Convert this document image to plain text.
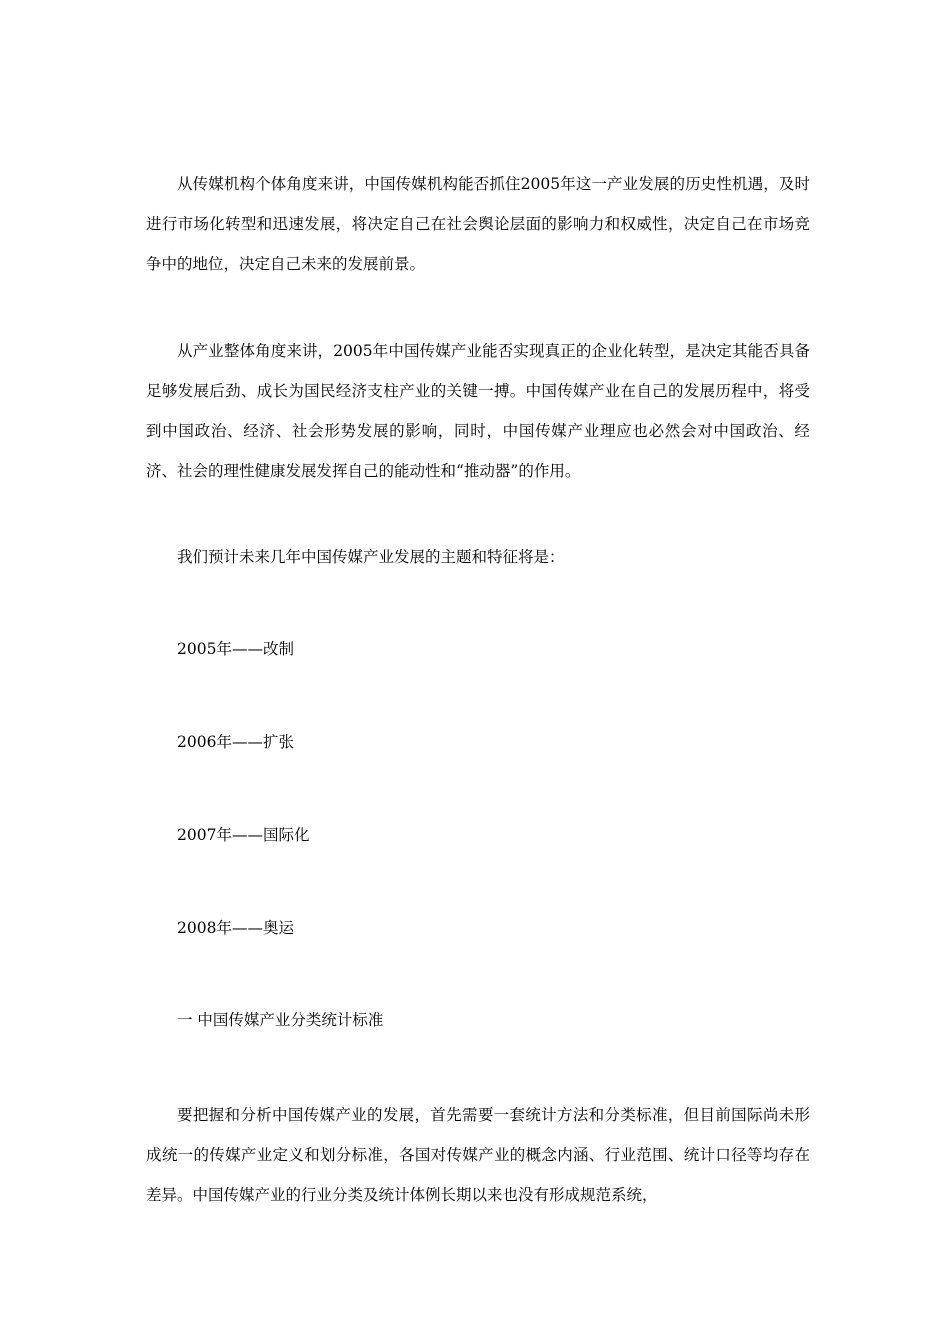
从传媒机构个体角度来讲，中国传媒机构能否抓住2005年这一产业发展的历史性机遇，及时进行市场化转型和迅速发展，将决定自己在社会舆论层面的影响力和权威性，决定自己在市场竞争中的地位，决定自己未来的发展前景。

从产业整体角度来讲，2005年中国传媒产业能否实现真正的企业化转型，是决定其能否具备足够发展后劲、成长为国民经济支柱产业的关键一搏。中国传媒产业在自己的发展历程中，将受到中国政治、经济、社会形势发展的影响，同时，中国传媒产业理应也必然会对中国政治、经济、社会的理性健康发展发挥自己的能动性和“推动器”的作用。

我们预计未来几年中国传媒产业发展的主题和特征将是：

2005年——改制

2006年——扩张

2007年——国际化

2008年——奥运

一 中国传媒产业分类统计标准

要把握和分析中国传媒产业的发展，首先需要一套统计方法和分类标准，但目前国际尚未形成统一的传媒产业定义和划分标准，各国对传媒产业的概念内涵、行业范围、统计口径等均存在差异。中国传媒产业的行业分类及统计体例长期以来也没有形成规范系统，
